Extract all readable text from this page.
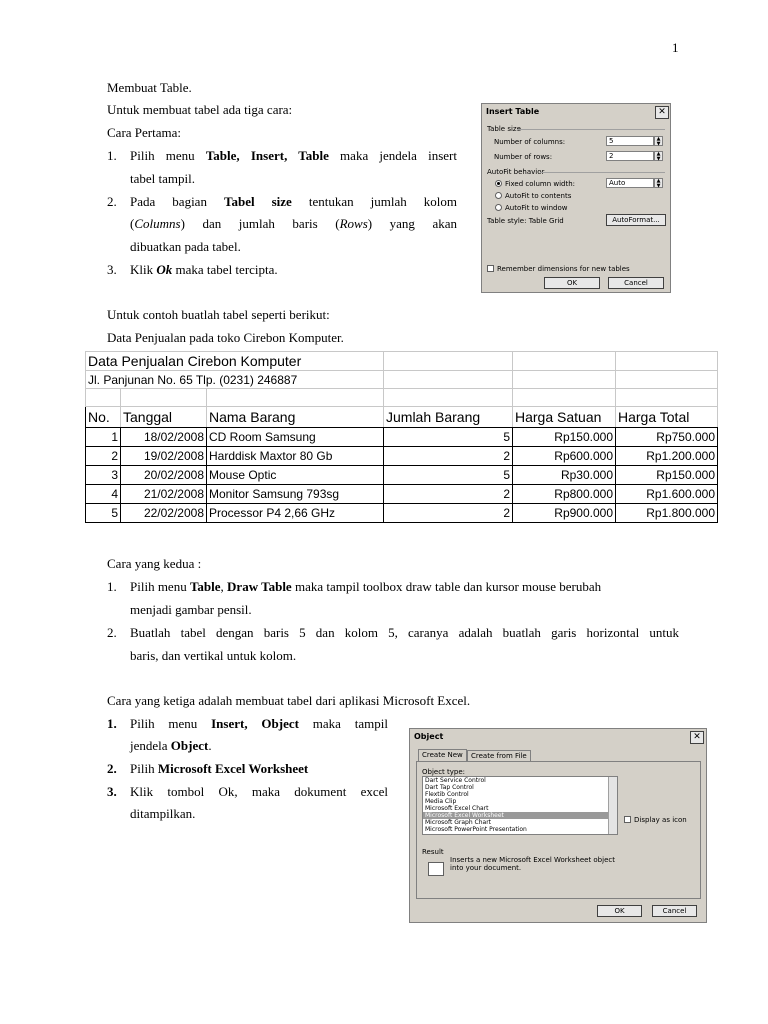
1
Membuat Table.
Untuk membuat tabel ada tiga cara:
Cara Pertama:
1. Pilih menu Table, Insert, Table maka jendela insert
tabel tampil.
2. Pada bagian Tabel size tentukan jumlah kolom
(Columns) dan jumlah baris (Rows) yang akan
dibuatkan pada tabel.
3. Klik Ok maka tabel tercipta.
Untuk contoh buatlah tabel seperti berikut:
Data Penjualan pada toko Cirebon Komputer.
Insert Table	✕
Table size
Number of columns:	5	▲
▼
Number of rows:	2	▲
▼
AutoFit behavior
Fixed column width:	Auto	▲
▼
AutoFit to contents
AutoFit to window
Table style: Table Grid	AutoFormat...
Remember dimensions for new tables
OK	Cancel
Data Penjualan Cirebon Komputer					
Jl. Panjunan No. 65 Tlp. (0231) 246887					

No.	Tanggal	Nama Barang	Jumlah Barang	Harga Satuan	Harga Total
1	18/02/2008	CD Room Samsung	5	Rp150.000	Rp750.000
2	19/02/2008	Harddisk Maxtor 80 Gb	2	Rp600.000	Rp1.200.000
3	20/02/2008	Mouse Optic	5	Rp30.000	Rp150.000
4	21/02/2008	Monitor Samsung 793sg	2	Rp800.000	Rp1.600.000
5	22/02/2008	Processor P4 2,66 GHz	2	Rp900.000	Rp1.800.000
Cara yang kedua :
1. Pilih menu Table, Draw Table maka tampil toolbox draw table dan kursor mouse berubah
menjadi gambar pensil.
2. Buatlah tabel dengan baris 5 dan kolom 5, caranya adalah buatlah garis horizontal untuk
baris, dan vertikal untuk kolom.
Cara yang ketiga adalah membuat tabel dari aplikasi Microsoft Excel.
1. Pilih menu Insert, Object maka tampil
jendela Object.
2. Pilih Microsoft Excel Worksheet
3. Klik tombol Ok, maka dokument excel
ditampilkan.
Object	✕
Create New	Create from File
Object type:
Dart Service Control
Dart Tap Control
Flextib Control
Media Clip
Microsoft Excel Chart
Microsoft Excel Worksheet
Microsoft Graph Chart
Microsoft PowerPoint Presentation
Display as icon
Result
Inserts a new Microsoft Excel Worksheet object
into your document.
OK	Cancel
